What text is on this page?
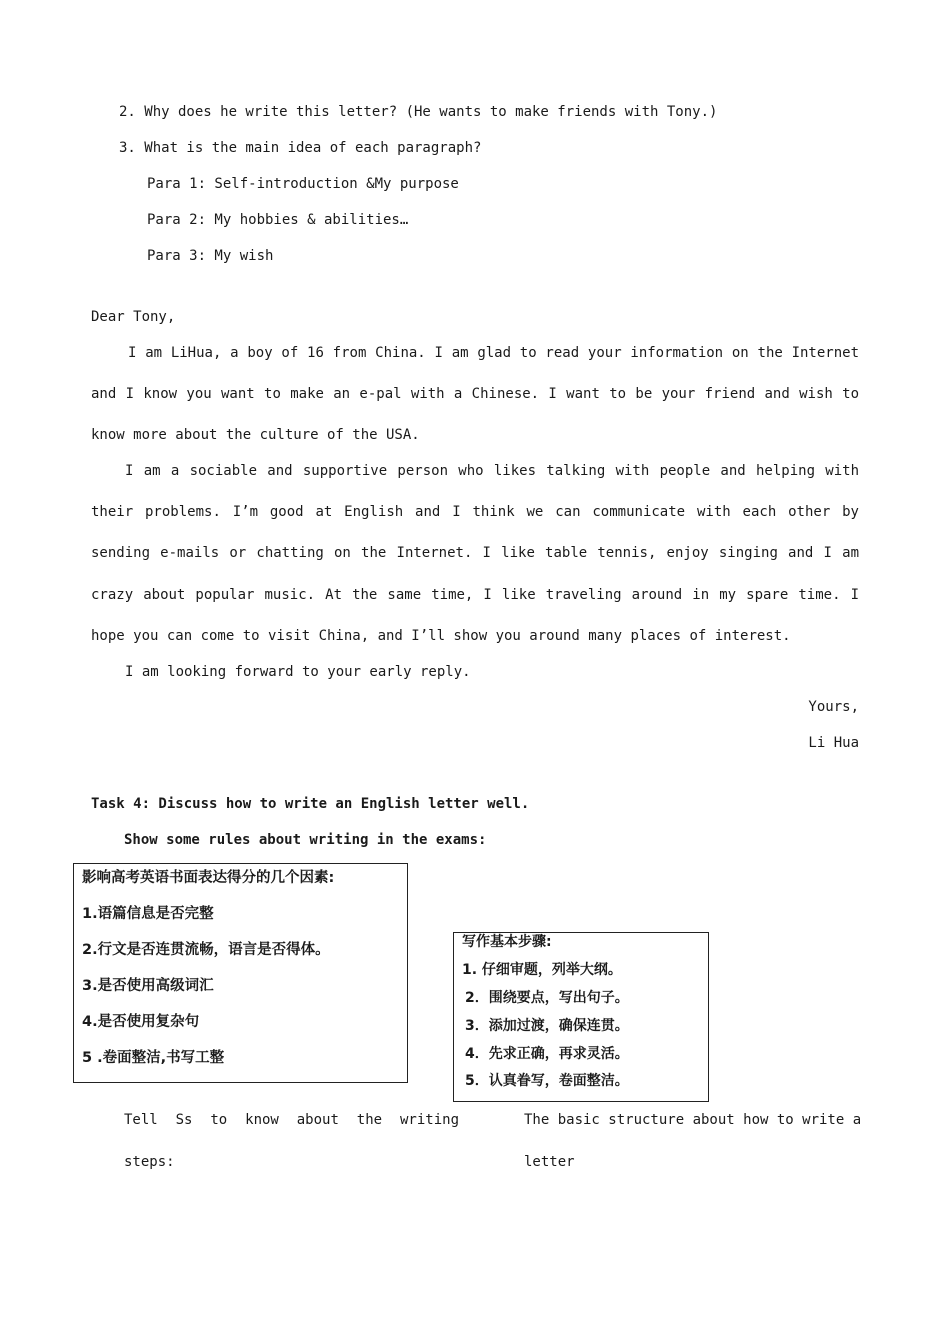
2. Why does he write this letter? (He wants to make friends with Tony.)
3. What is the main idea of each paragraph?
Para 1: Self-introduction &My purpose
Para 2: My hobbies & abilities…
Para 3: My wish
Dear Tony,
I am LiHua, a boy of 16 from China. I am glad to read your information on the Internet
and I know you want to make an e-pal with a Chinese. I want to be your friend and wish to
know more about the culture of the USA.
I am a sociable and supportive person who likes talking with people and helping with
their problems. I’m good at English and I think we can communicate with each other by
sending e-mails or chatting on the Internet. I like table tennis, enjoy singing and I am
crazy about popular music. At the same time, I like traveling around in my spare time. I
hope you can come to visit China, and I’ll show you around many places of interest.
I am looking forward to your early reply.
Yours,
Li Hua
Task 4: Discuss how to write an English letter well.
Show some rules about writing in the exams:
影响高考英语书面表达得分的几个因素:
1.语篇信息是否完整
2.行文是否连贯流畅，语言是否得体。
3.是否使用高级词汇
4.是否使用复杂句
5 .卷面整洁,书写工整
写作基本步骤:
1. 仔细审题，列举大纲。
2．围绕要点，写出句子。
3．添加过渡，确保连贯。
4．先求正确，再求灵活。
5．认真眷写，卷面整洁。
Tell Ss to know about the writing
steps:
The basic structure about how to write a
letter
